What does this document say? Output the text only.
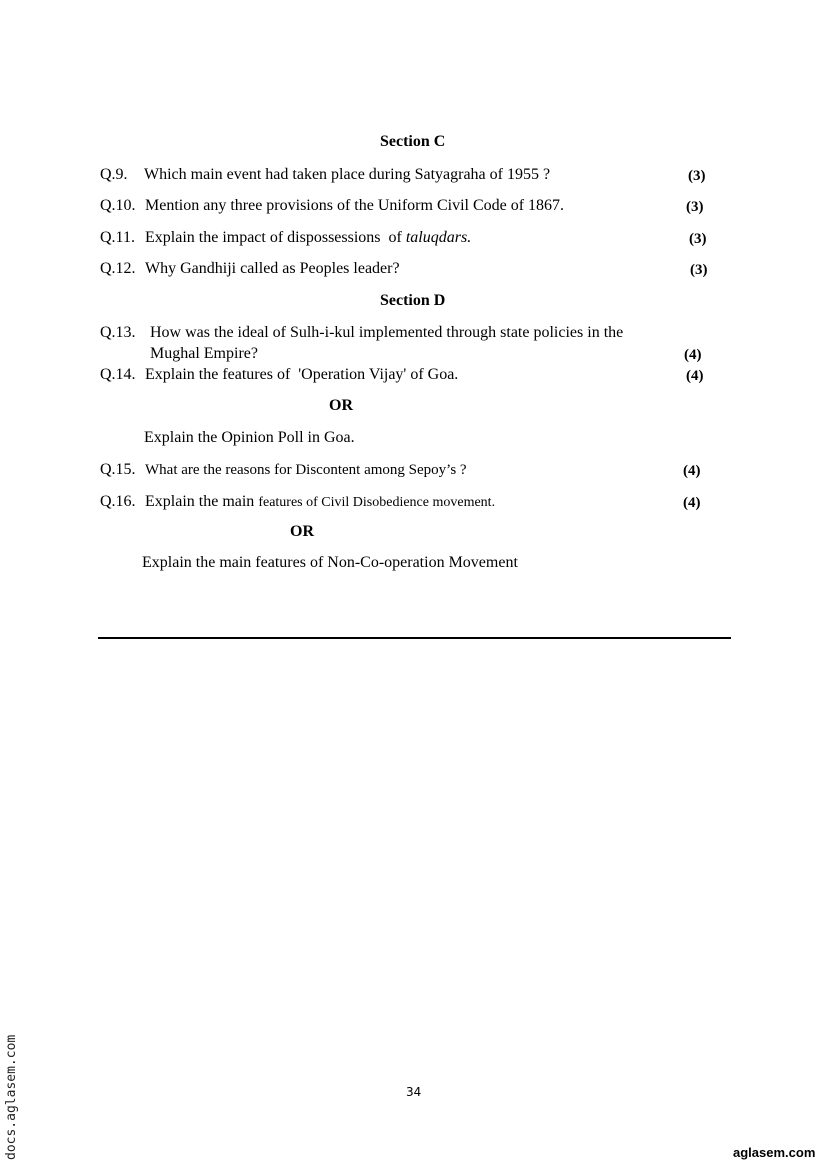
Section C
Q.9. Which main event had taken place during Satyagraha of 1955 ?	(3)
Q.10. Mention any three provisions of the Uniform Civil Code of 1867.	(3)
Q.11. Explain the impact of dispossessions  of taluqdars.	(3)
Q.12. Why Gandhiji called as Peoples leader?	(3)
Section D
Q.13. How was the ideal of Sulh-i-kul implemented through state policies in the
Mughal Empire?	(4)
Q.14. Explain the features of  'Operation Vijay' of Goa.	(4)
OR
Explain the Opinion Poll in Goa.
Q.15. What are the reasons for Discontent among Sepoy’s ?	(4)
Q.16. Explain the main features of Civil Disobedience movement.	(4)
OR
Explain the main features of Non-Co-operation Movement
34
docs.aglasem.com	aglasem.com
